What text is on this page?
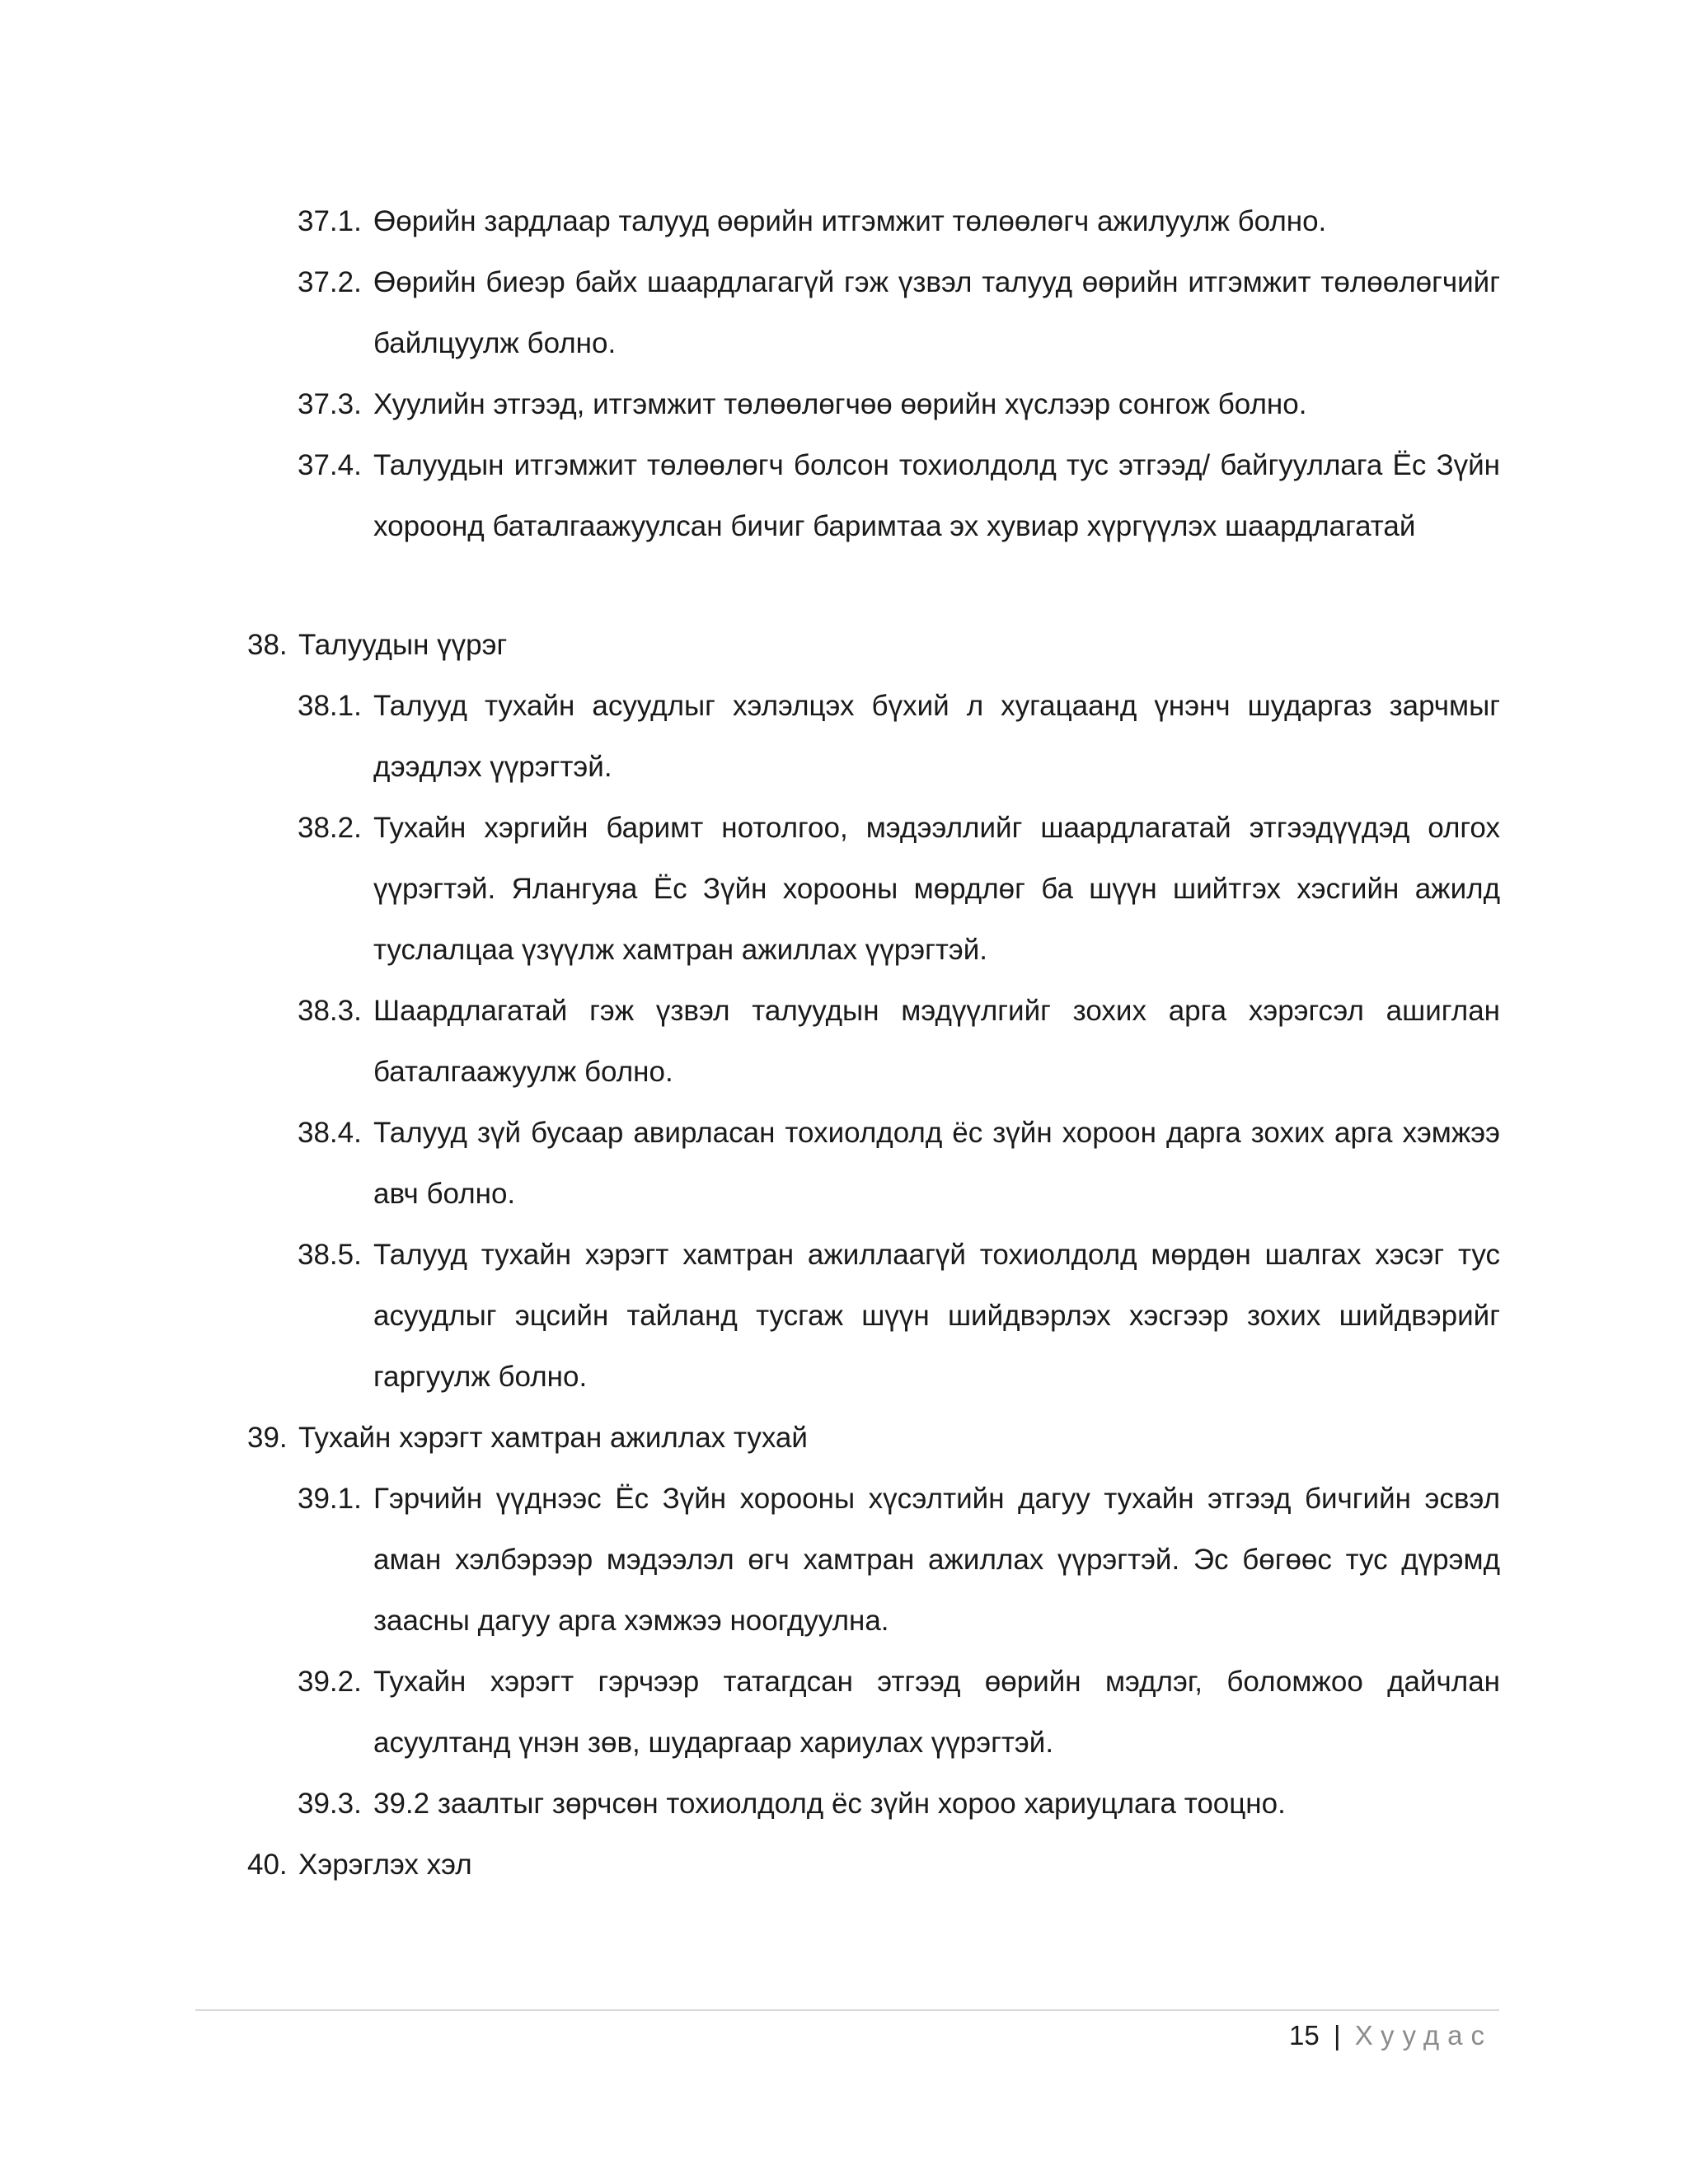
37.1. Өөрийн зардлаар талууд өөрийн итгэмжит төлөөлөгч ажилуулж болно.
37.2. Өөрийн биеэр байх шаардлагагүй гэж үзвэл талууд өөрийн итгэмжит төлөөлөгчийг байлцуулж болно.
37.3. Хуулийн этгээд, итгэмжит төлөөлөгчөө өөрийн хүслээр сонгож болно.
37.4. Талуудын итгэмжит төлөөлөгч болсон тохиолдолд тус этгээд/ байгууллага Ёс Зүйн хороонд баталгаажуулсан бичиг баримтаа эх хувиар хүргүүлэх шаардлагатай
38. Талуудын үүрэг
38.1. Талууд тухайн асуудлыг хэлэлцэх бүхий л хугацаанд үнэнч шударгаз зарчмыг дээдлэх үүрэгтэй.
38.2. Тухайн хэргийн баримт нотолгоо, мэдээллийг шаардлагатай этгээдүүдэд олгох үүрэгтэй. Ялангуяа Ёс Зүйн хорооны мөрдлөг ба шүүн шийтгэх хэсгийн ажилд туслалцаа үзүүлж хамтран ажиллах үүрэгтэй.
38.3. Шаардлагатай гэж үзвэл талуудын мэдүүлгийг зохих арга хэрэгсэл ашиглан баталгаажуулж болно.
38.4. Талууд зүй бусаар авирласан тохиолдолд ёс зүйн хороон дарга зохих арга хэмжээ авч болно.
38.5. Талууд тухайн хэрэгт хамтран ажиллаагүй тохиолдолд мөрдөн шалгах хэсэг тус асуудлыг эцсийн тайланд тусгаж шүүн шийдвэрлэх хэсгээр зохих шийдвэрийг гаргуулж болно.
39. Тухайн хэрэгт хамтран ажиллах тухай
39.1. Гэрчийн үүднээс Ёс Зүйн хорооны хүсэлтийн дагуу тухайн этгээд бичгийн эсвэл аман хэлбэрээр мэдээлэл өгч хамтран ажиллах үүрэгтэй. Эс бөгөөс тус дүрэмд заасны дагуу арга хэмжээ ноогдуулна.
39.2. Тухайн хэрэгт гэрчээр татагдсан этгээд өөрийн мэдлэг, боломжоо дайчлан асуултанд үнэн зөв, шударгаар хариулах үүрэгтэй.
39.3. 39.2 заалтыг зөрчсөн тохиолдолд ёс зүйн хороо хариуцлага тооцно.
40. Хэрэглэх хэл
15 | Хуудас
